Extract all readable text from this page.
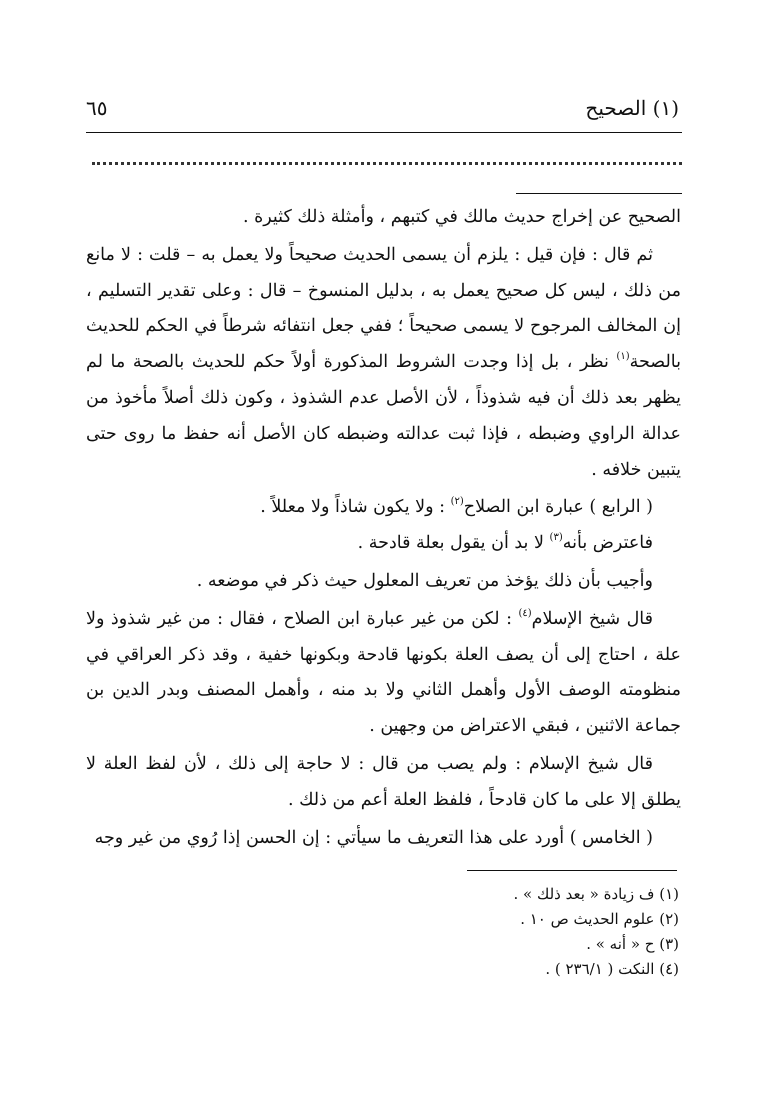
(١) الصحيح
٦٥

الصحيح عن إخراج حديث مالك في كتبهم ، وأمثلة ذلك كثيرة .

ثم قال : فإن قيل : يلزم أن يسمى الحديث صحيحاً ولا يعمل به – قلت : لا مانع من ذلك ، ليس كل صحيح يعمل به ، بدليل المنسوخ – قال : وعلى تقدير التسليم ، إن المخالف المرجوح لا يسمى صحيحاً ؛ ففي جعل انتفائه شرطاً في الحكم للحديث بالصحة$^{(١)}$ نظر ، بل إذا وجدت الشروط المذكورة أولاً حكم للحديث بالصحة ما لم يظهر بعد ذلك أن فيه شذوذاً ، لأن الأصل عدم الشذوذ ، وكون ذلك أصلاً مأخوذ من عدالة الراوي وضبطه ، فإذا ثبت عدالته وضبطه كان الأصل أنه حفظ ما روى حتى يتبين خلافه .

( الرابع ) عبارة ابن الصلاح$^{(٢)}$ : ولا يكون شاذاً ولا معللاً .

فاعترض بأنه$^{(٣)}$ لا بد أن يقول بعلة قادحة .

وأجيب بأن ذلك يؤخذ من تعريف المعلول حيث ذكر في موضعه .

قال شيخ الإسلام$^{(٤)}$ : لكن من غير عبارة ابن الصلاح ، فقال : من غير شذوذ ولا علة ، احتاج إلى أن يصف العلة بكونها قادحة وبكونها خفية ، وقد ذكر العراقي في منظومته الوصف الأول وأهمل الثاني ولا بد منه ، وأهمل المصنف وبدر الدين بن جماعة الاثنين ، فبقي الاعتراض من وجهين .

قال شيخ الإسلام : ولم يصب من قال : لا حاجة إلى ذلك ، لأن لفظ العلة لا يطلق إلا على ما كان قادحاً ، فلفظ العلة أعم من ذلك .

( الخامس ) أورد على هذا التعريف ما سيأتي : إن الحسن إذا رُوي من غير وجه

(١) ف زيادة « بعد ذلك » .
(٢) علوم الحديث ص ١٠ .
(٣) ح « أنه » .
(٤) النكت ( ٢٣٦/١ ) .
